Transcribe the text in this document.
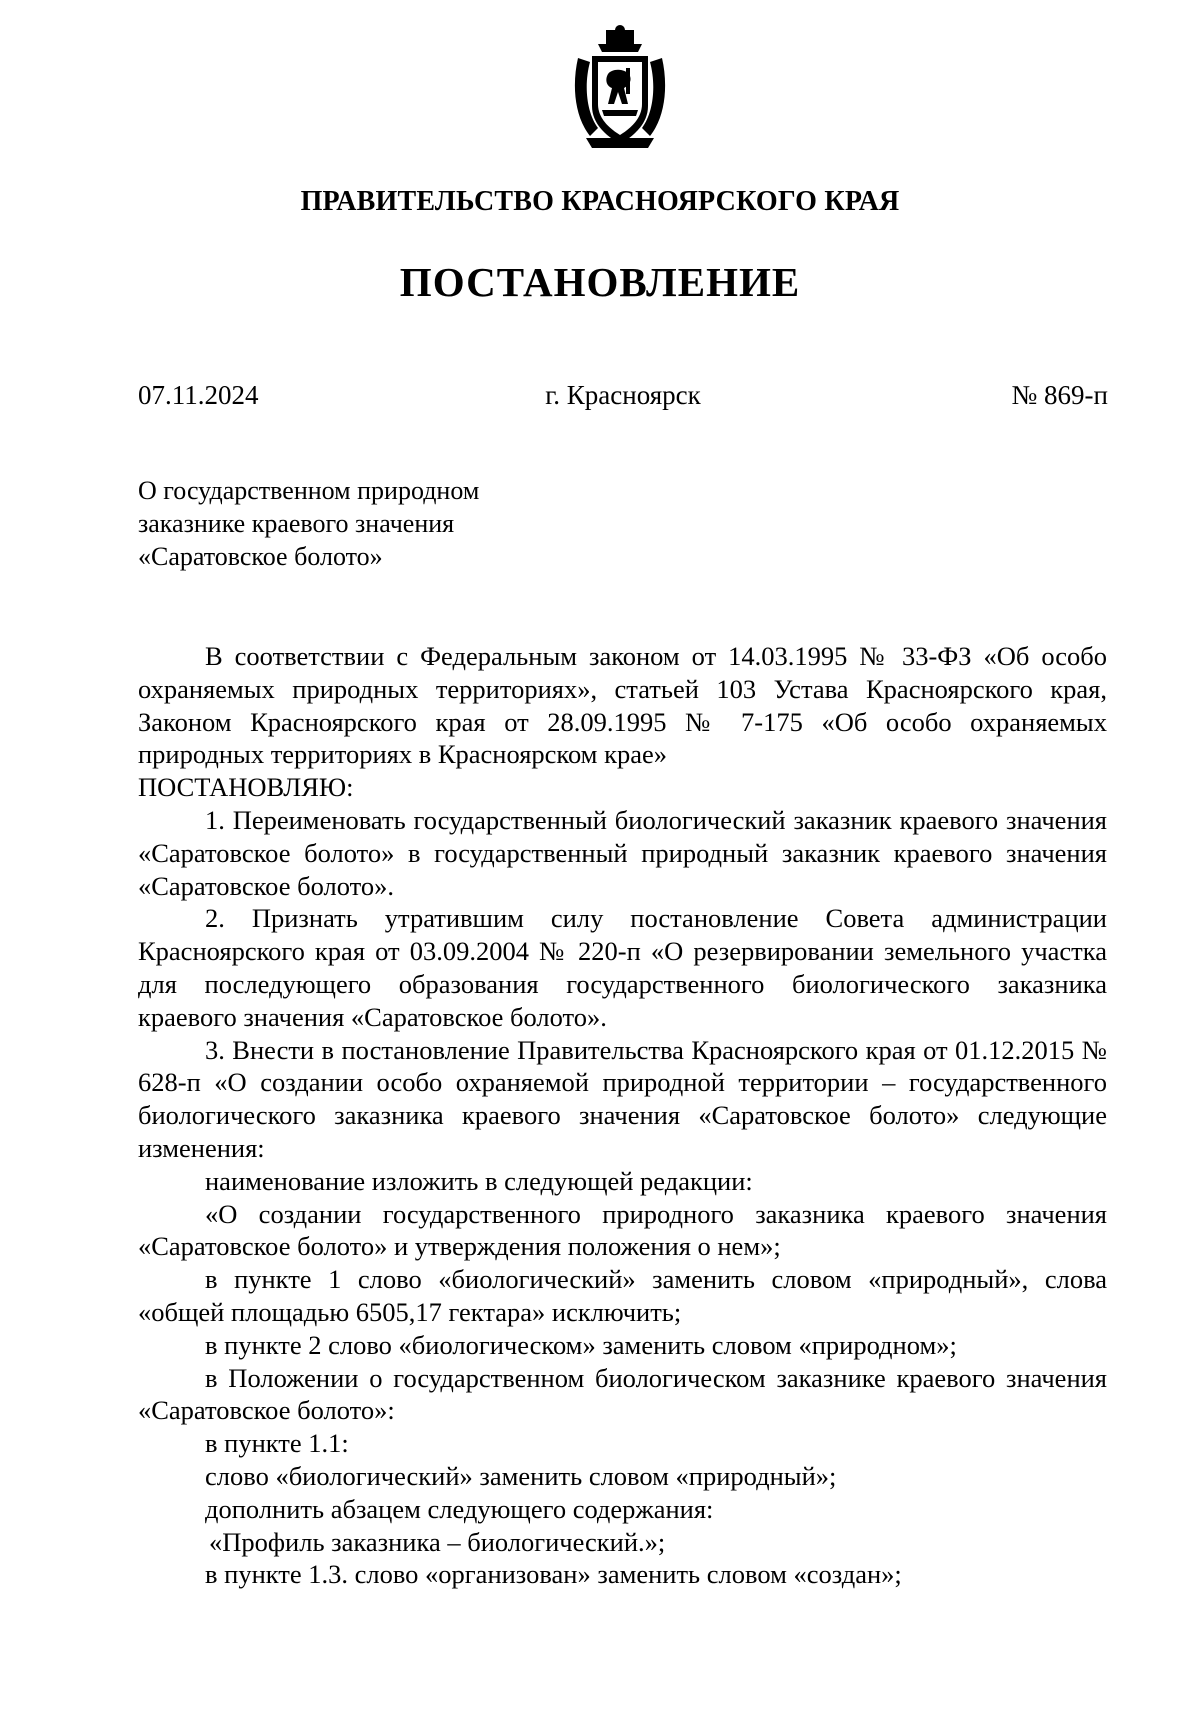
ПРАВИТЕЛЬСТВО КРАСНОЯРСКОГО КРАЯ
ПОСТАНОВЛЕНИЕ
г. Красноярск
07.11.2024	№ 869-п
О государственном природном
заказнике краевого значения
«Саратовское болото»

В соответствии с Федеральным законом от 14.03.1995 № 33-ФЗ «Об особо охраняемых природных территориях», статьей 103 Устава Красноярского края, Законом Красноярского края от 28.09.1995 № 7-175 «Об особо охраняемых природных территориях в Красноярском крае»

ПОСТАНОВЛЯЮ:

1. Переименовать государственный биологический заказник краевого значения «Саратовское болото» в государственный природный заказник краевого значения «Саратовское болото».

2. Признать утратившим силу постановление Совета администрации Красноярского края от 03.09.2004 № 220-п «О резервировании земельного участка для последующего образования государственного биологического заказника краевого значения «Саратовское болото».

3. Внести в постановление Правительства Красноярского края от 01.12.2015 № 628-п «О создании особо охраняемой природной территории – государственного биологического заказника краевого значения «Саратовское болото» следующие изменения:

наименование изложить в следующей редакции:

«О создании государственного природного заказника краевого значения «Саратовское болото» и утверждения положения о нем»;

в пункте 1 слово «биологический» заменить словом «природный», слова «общей площадью 6505,17 гектара» исключить;

в пункте 2 слово «биологическом» заменить словом «природном»;

в Положении о государственном биологическом заказнике краевого значения «Саратовское болото»:

в пункте 1.1:

слово «биологический» заменить словом «природный»;

дополнить абзацем следующего содержания:

«Профиль заказника – биологический.»;

в пункте 1.3. слово «организован» заменить словом «создан»;
